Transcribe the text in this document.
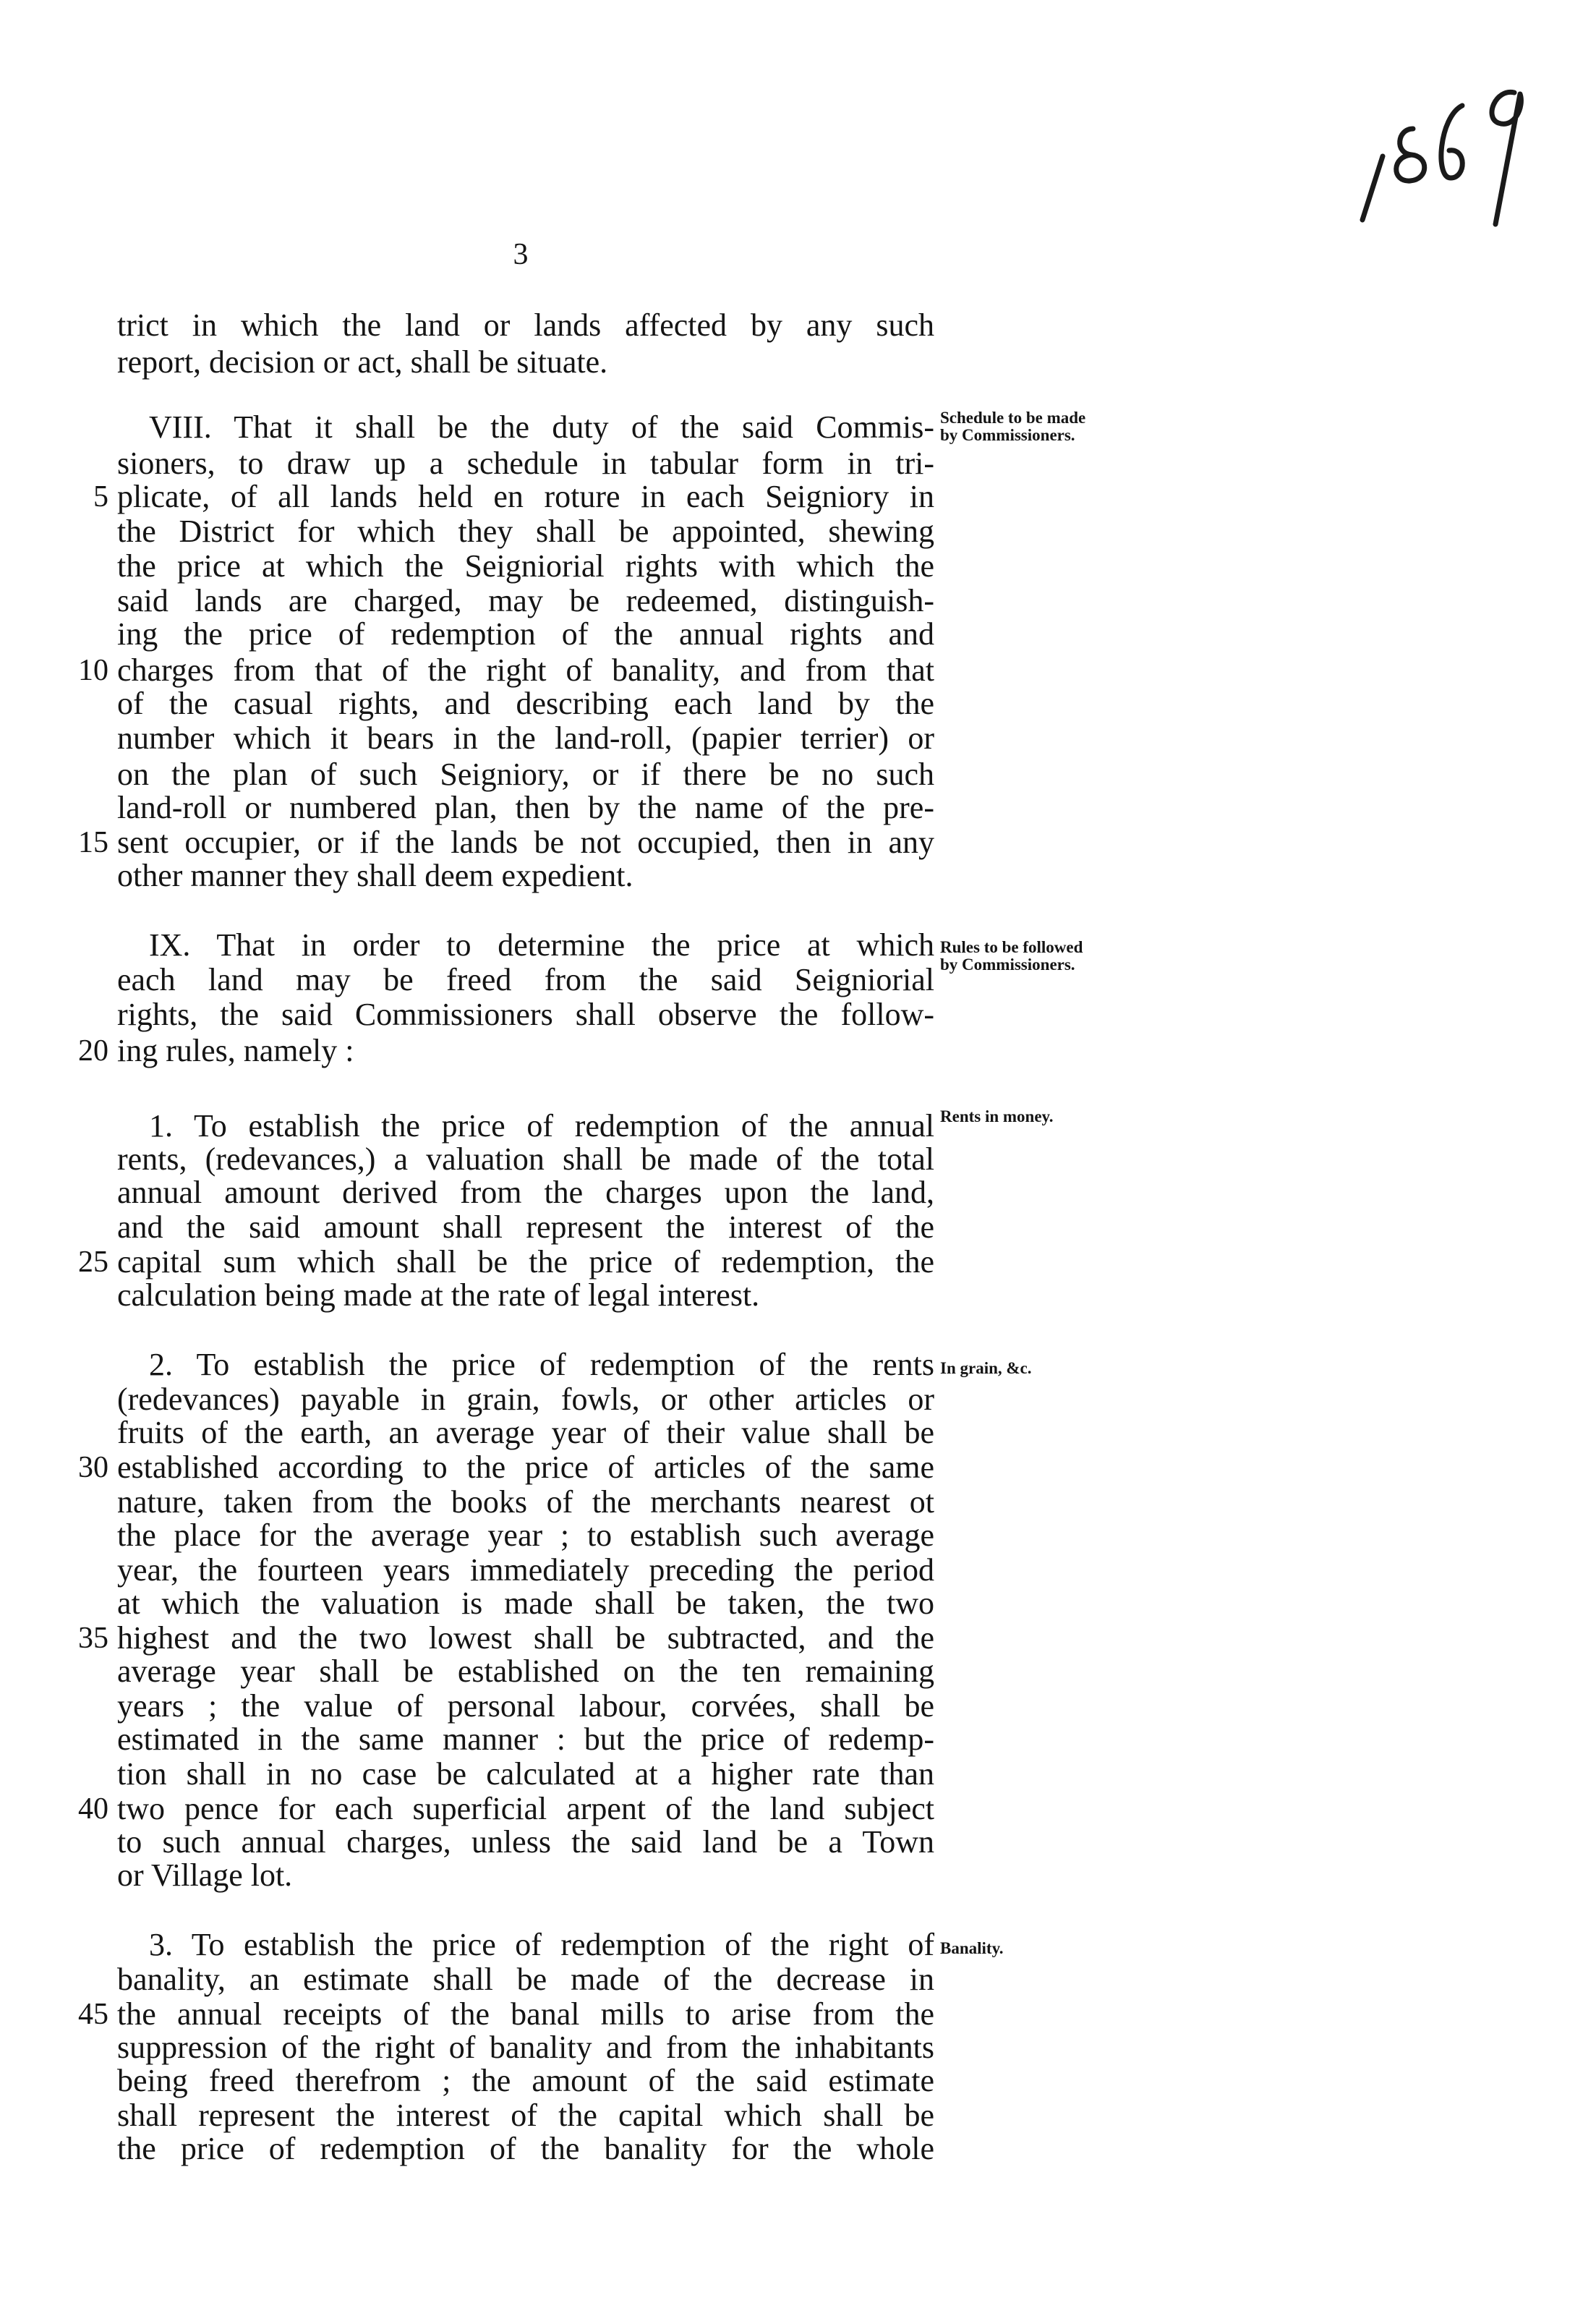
3
trict in which the land or lands affected by any such
report, decision or act, shall be situate.
VIII. That it shall be the duty of the said Commis-
sioners, to draw up a schedule in tabular form in tri-
plicate, of all lands held en roture in each Seigniory in
the District for which they shall be appointed, shewing
the price at which the Seigniorial rights with which the
said lands are charged, may be redeemed, distinguish-
ing the price of redemption of the annual rights and
charges from that of the right of banality, and from that
of the casual rights, and describing each land by the
number which it bears in the land-roll, (papier terrier) or
on the plan of such Seigniory, or if there be no such
land-roll or numbered plan, then by the name of the pre-
sent occupier, or if the lands be not occupied, then in any
other manner they shall deem expedient.
IX. That in order to determine the price at which
each land may be freed from the said Seigniorial
rights, the said Commissioners shall observe the follow-
ing rules, namely :
1. To establish the price of redemption of the annual
rents, (redevances,) a valuation shall be made of the total
annual amount derived from the charges upon the land,
and the said amount shall represent the interest of the
capital sum which shall be the price of redemption, the
calculation being made at the rate of legal interest.
2. To establish the price of redemption of the rents
(redevances) payable in grain, fowls, or other articles or
fruits of the earth, an average year of their value shall be
established according to the price of articles of the same
nature, taken from the books of the merchants nearest ot
the place for the average year ; to establish such average
year, the fourteen years immediately preceding the period
at which the valuation is made shall be taken, the two
highest and the two lowest shall be subtracted, and the
average year shall be established on the ten remaining
years ; the value of personal labour, corvées, shall be
estimated in the same manner : but the price of redemp-
tion shall in no case be calculated at a higher rate than
two pence for each superficial arpent of the land subject
to such annual charges, unless the said land be a Town
or Village lot.
3. To establish the price of redemption of the right of
banality, an estimate shall be made of the decrease in
the annual receipts of the banal mills to arise from the
suppression of the right of banality and from the inhabitants
being freed therefrom ; the amount of the said estimate
shall represent the interest of the capital which shall be
the price of redemption of the banality for the whole
5
10
15
20
25
30
35
40
45
Schedule to be made by Commissioners.
Rules to be followed by Commissioners.
Rents in money.
In grain, &c.
Banality.
